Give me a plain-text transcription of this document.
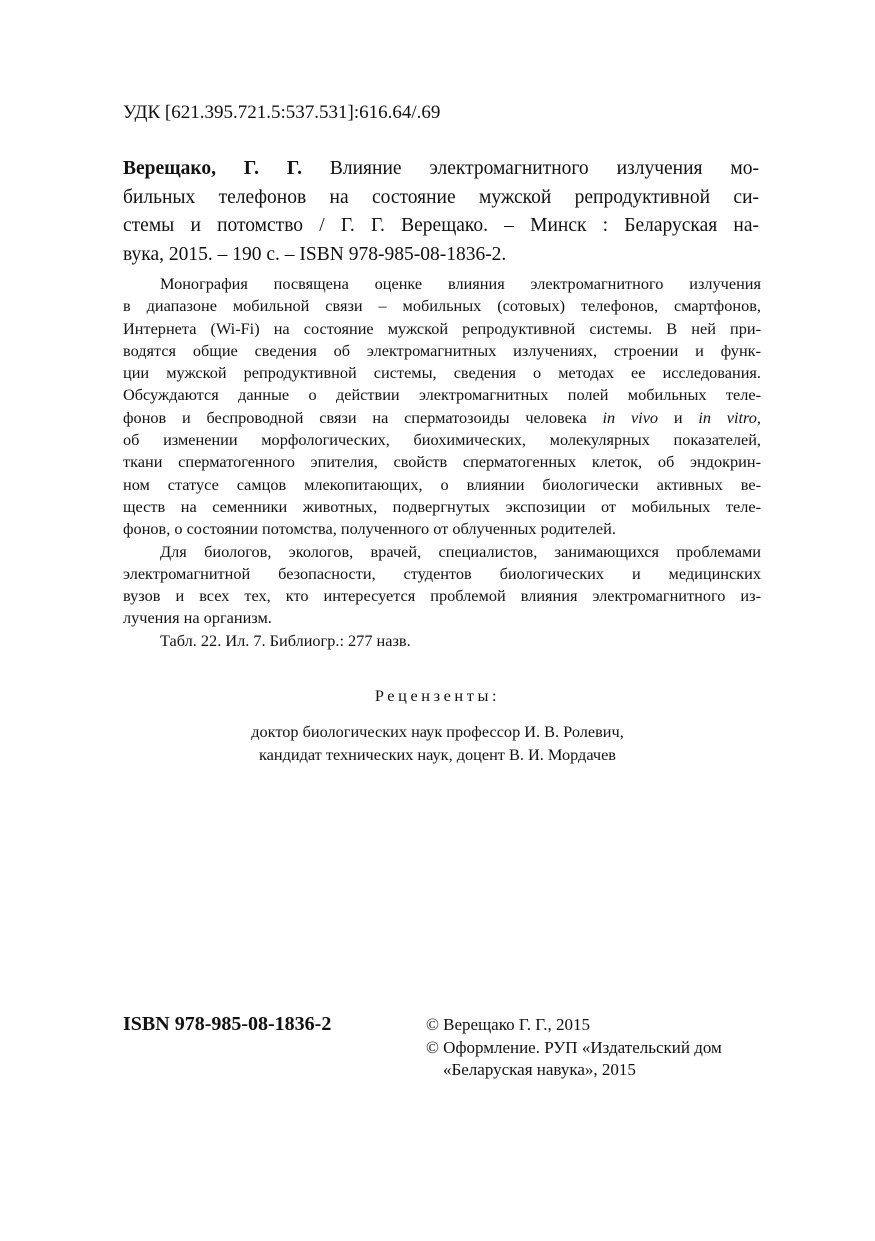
УДК [621.395.721.5:537.531]:616.64/.69
Верещако, Г. Г. Влияние электромагнитного излучения мо-
бильных телефонов на состояние мужской репродуктивной си-
стемы и потомство / Г. Г. Верещако. – Минск : Беларуская на-
вука, 2015. – 190 с. – ISBN 978-985-08-1836-2.
Монография посвящена оценке влияния электромагнитного излучения
в диапазоне мобильной связи – мобильных (сотовых) телефонов, смартфонов,
Интернета (Wi-Fi) на состояние мужской репродуктивной системы. В ней при-
водятся общие сведения об электромагнитных излучениях, строении и функ-
ции мужской репродуктивной системы, сведения о методах ее исследования.
Обсуждаются данные о действии электромагнитных полей мобильных теле-
фонов и беспроводной связи на сперматозоиды человека in vivo и in vitro,
об изменении морфологических, биохимических, молекулярных показателей,
ткани сперматогенного эпителия, свойств сперматогенных клеток, об эндокрин-
ном статусе самцов млекопитающих, о влиянии биологически активных ве-
ществ на семенники животных, подвергнутых экспозиции от мобильных теле-
фонов, о состоянии потомства, полученного от облученных родителей.
Для биологов, экологов, врачей, специалистов, занимающихся проблемами
электромагнитной безопасности, студентов биологических и медицинских
вузов и всех тех, кто интересуется проблемой влияния электромагнитного из-
лучения на организм.
Табл. 22. Ил. 7. Библиогр.: 277 назв.
Рецензенты:
доктор биологических наук профессор И. В. Ролевич,
кандидат технических наук, доцент В. И. Мордачев
ISBN 978-985-08-1836-2	© Верещако Г. Г., 2015
© Оформление. РУП «Издательский дом
«Беларуская навука», 2015
